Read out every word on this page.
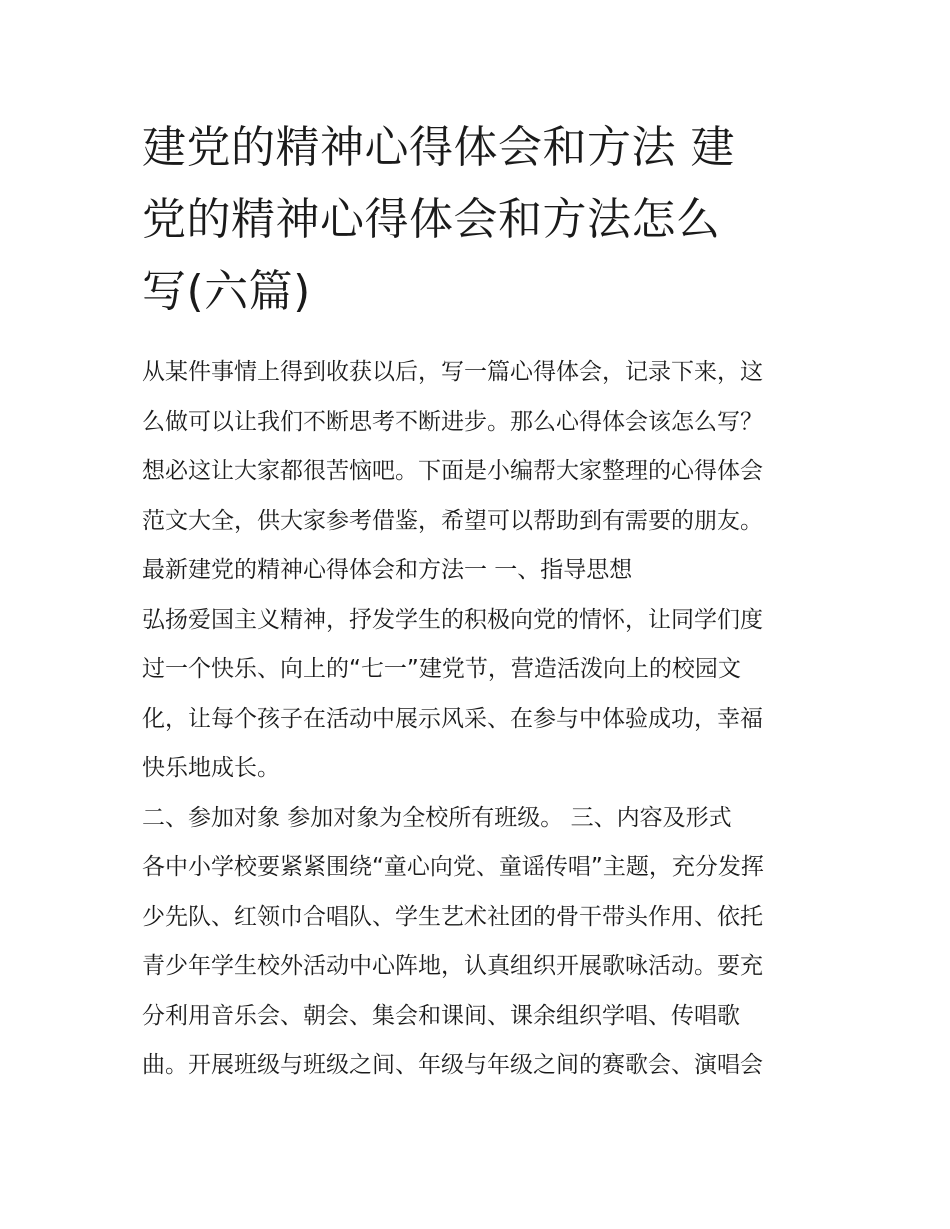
建党的精神心得体会和方法 建
党的精神心得体会和方法怎么
写(六篇)
从某件事情上得到收获以后，写一篇心得体会，记录下来，这
么做可以让我们不断思考不断进步。那么心得体会该怎么写？
想必这让大家都很苦恼吧。下面是小编帮大家整理的心得体会
范文大全，供大家参考借鉴，希望可以帮助到有需要的朋友。
最新建党的精神心得体会和方法一 一、指导思想
弘扬爱国主义精神，抒发学生的积极向党的情怀，让同学们度
过一个快乐、向上的“七一”建党节，营造活泼向上的校园文
化，让每个孩子在活动中展示风采、在参与中体验成功，幸福
快乐地成长。
二、参加对象 参加对象为全校所有班级。 三、内容及形式
各中小学校要紧紧围绕“童心向党、童谣传唱”主题，充分发挥
少先队、红领巾合唱队、学生艺术社团的骨干带头作用、依托
青少年学生校外活动中心阵地，认真组织开展歌咏活动。要充
分利用音乐会、朝会、集会和课间、课余组织学唱、传唱歌
曲。开展班级与班级之间、年级与年级之间的赛歌会、演唱会
